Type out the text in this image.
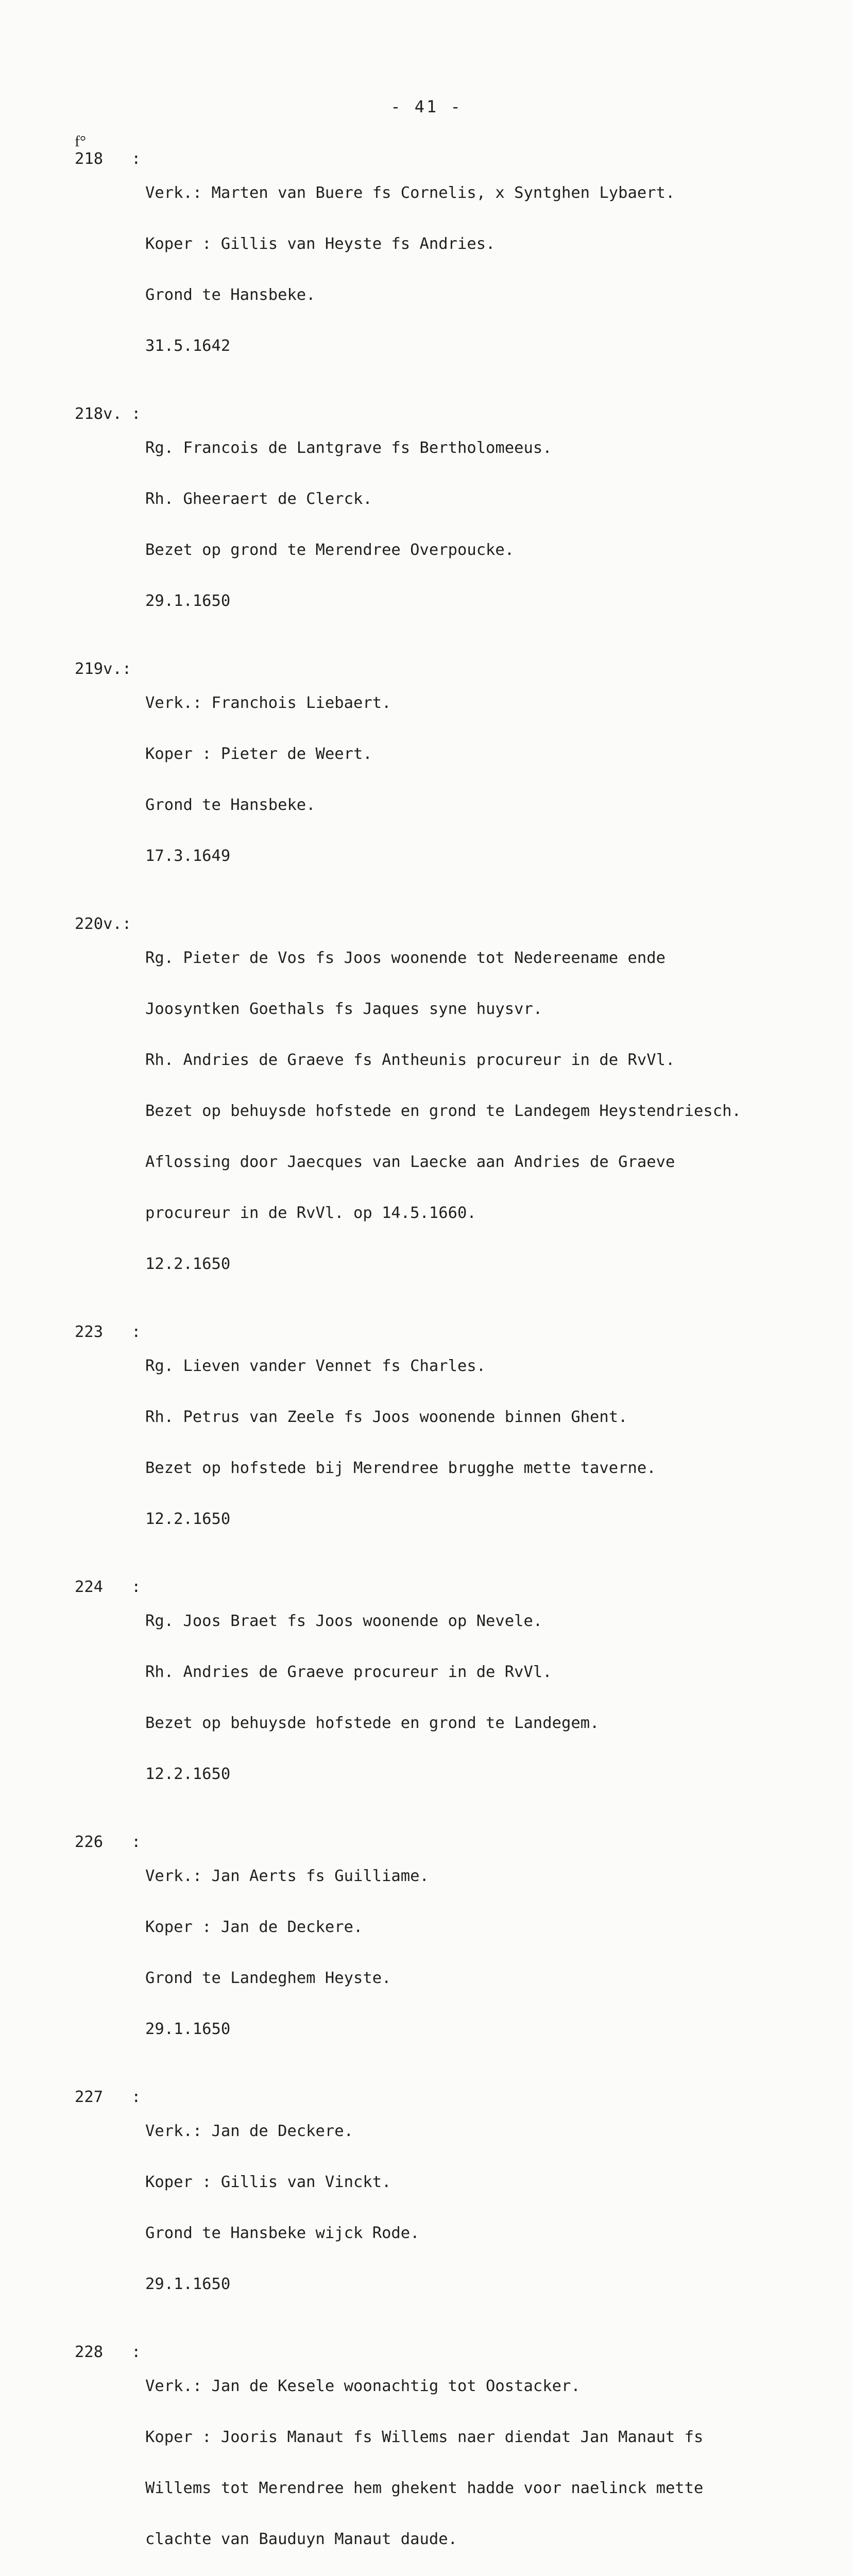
- 41 -
f°
218   :

Verk.: Marten van Buere fs Cornelis, x Syntghen Lybaert.

Koper : Gillis van Heyste fs Andries.

Grond te Hansbeke.

31.5.1642

218v. :

Rg. Francois de Lantgrave fs Bertholomeeus.

Rh. Gheeraert de Clerck.

Bezet op grond te Merendree Overpoucke.

29.1.1650

219v.:

Verk.: Franchois Liebaert.

Koper : Pieter de Weert.

Grond te Hansbeke.

17.3.1649

220v.:

Rg. Pieter de Vos fs Joos woonende tot Nedereename ende

Joosyntken Goethals fs Jaques syne huysvr.

Rh. Andries de Graeve fs Antheunis procureur in de RvVl.

Bezet op behuysde hofstede en grond te Landegem Heystendriesch.

Aflossing door Jaecques van Laecke aan Andries de Graeve

procureur in de RvVl. op 14.5.1660.

12.2.1650

223   :

Rg. Lieven vander Vennet fs Charles.

Rh. Petrus van Zeele fs Joos woonende binnen Ghent.

Bezet op hofstede bij Merendree brugghe mette taverne.

12.2.1650

224   :

Rg. Joos Braet fs Joos woonende op Nevele.

Rh. Andries de Graeve procureur in de RvVl.

Bezet op behuysde hofstede en grond te Landegem.

12.2.1650

226   :

Verk.: Jan Aerts fs Guilliame.

Koper : Jan de Deckere.

Grond te Landeghem Heyste.

29.1.1650

227   :

Verk.: Jan de Deckere.

Koper : Gillis van Vinckt.

Grond te Hansbeke wijck Rode.

29.1.1650

228   :

Verk.: Jan de Kesele woonachtig tot Oostacker.

Koper : Jooris Manaut fs Willems naer diendat Jan Manaut fs

Willems tot Merendree hem ghekent hadde voor naelinck mette

clachte van Bauduyn Manaut daude.
